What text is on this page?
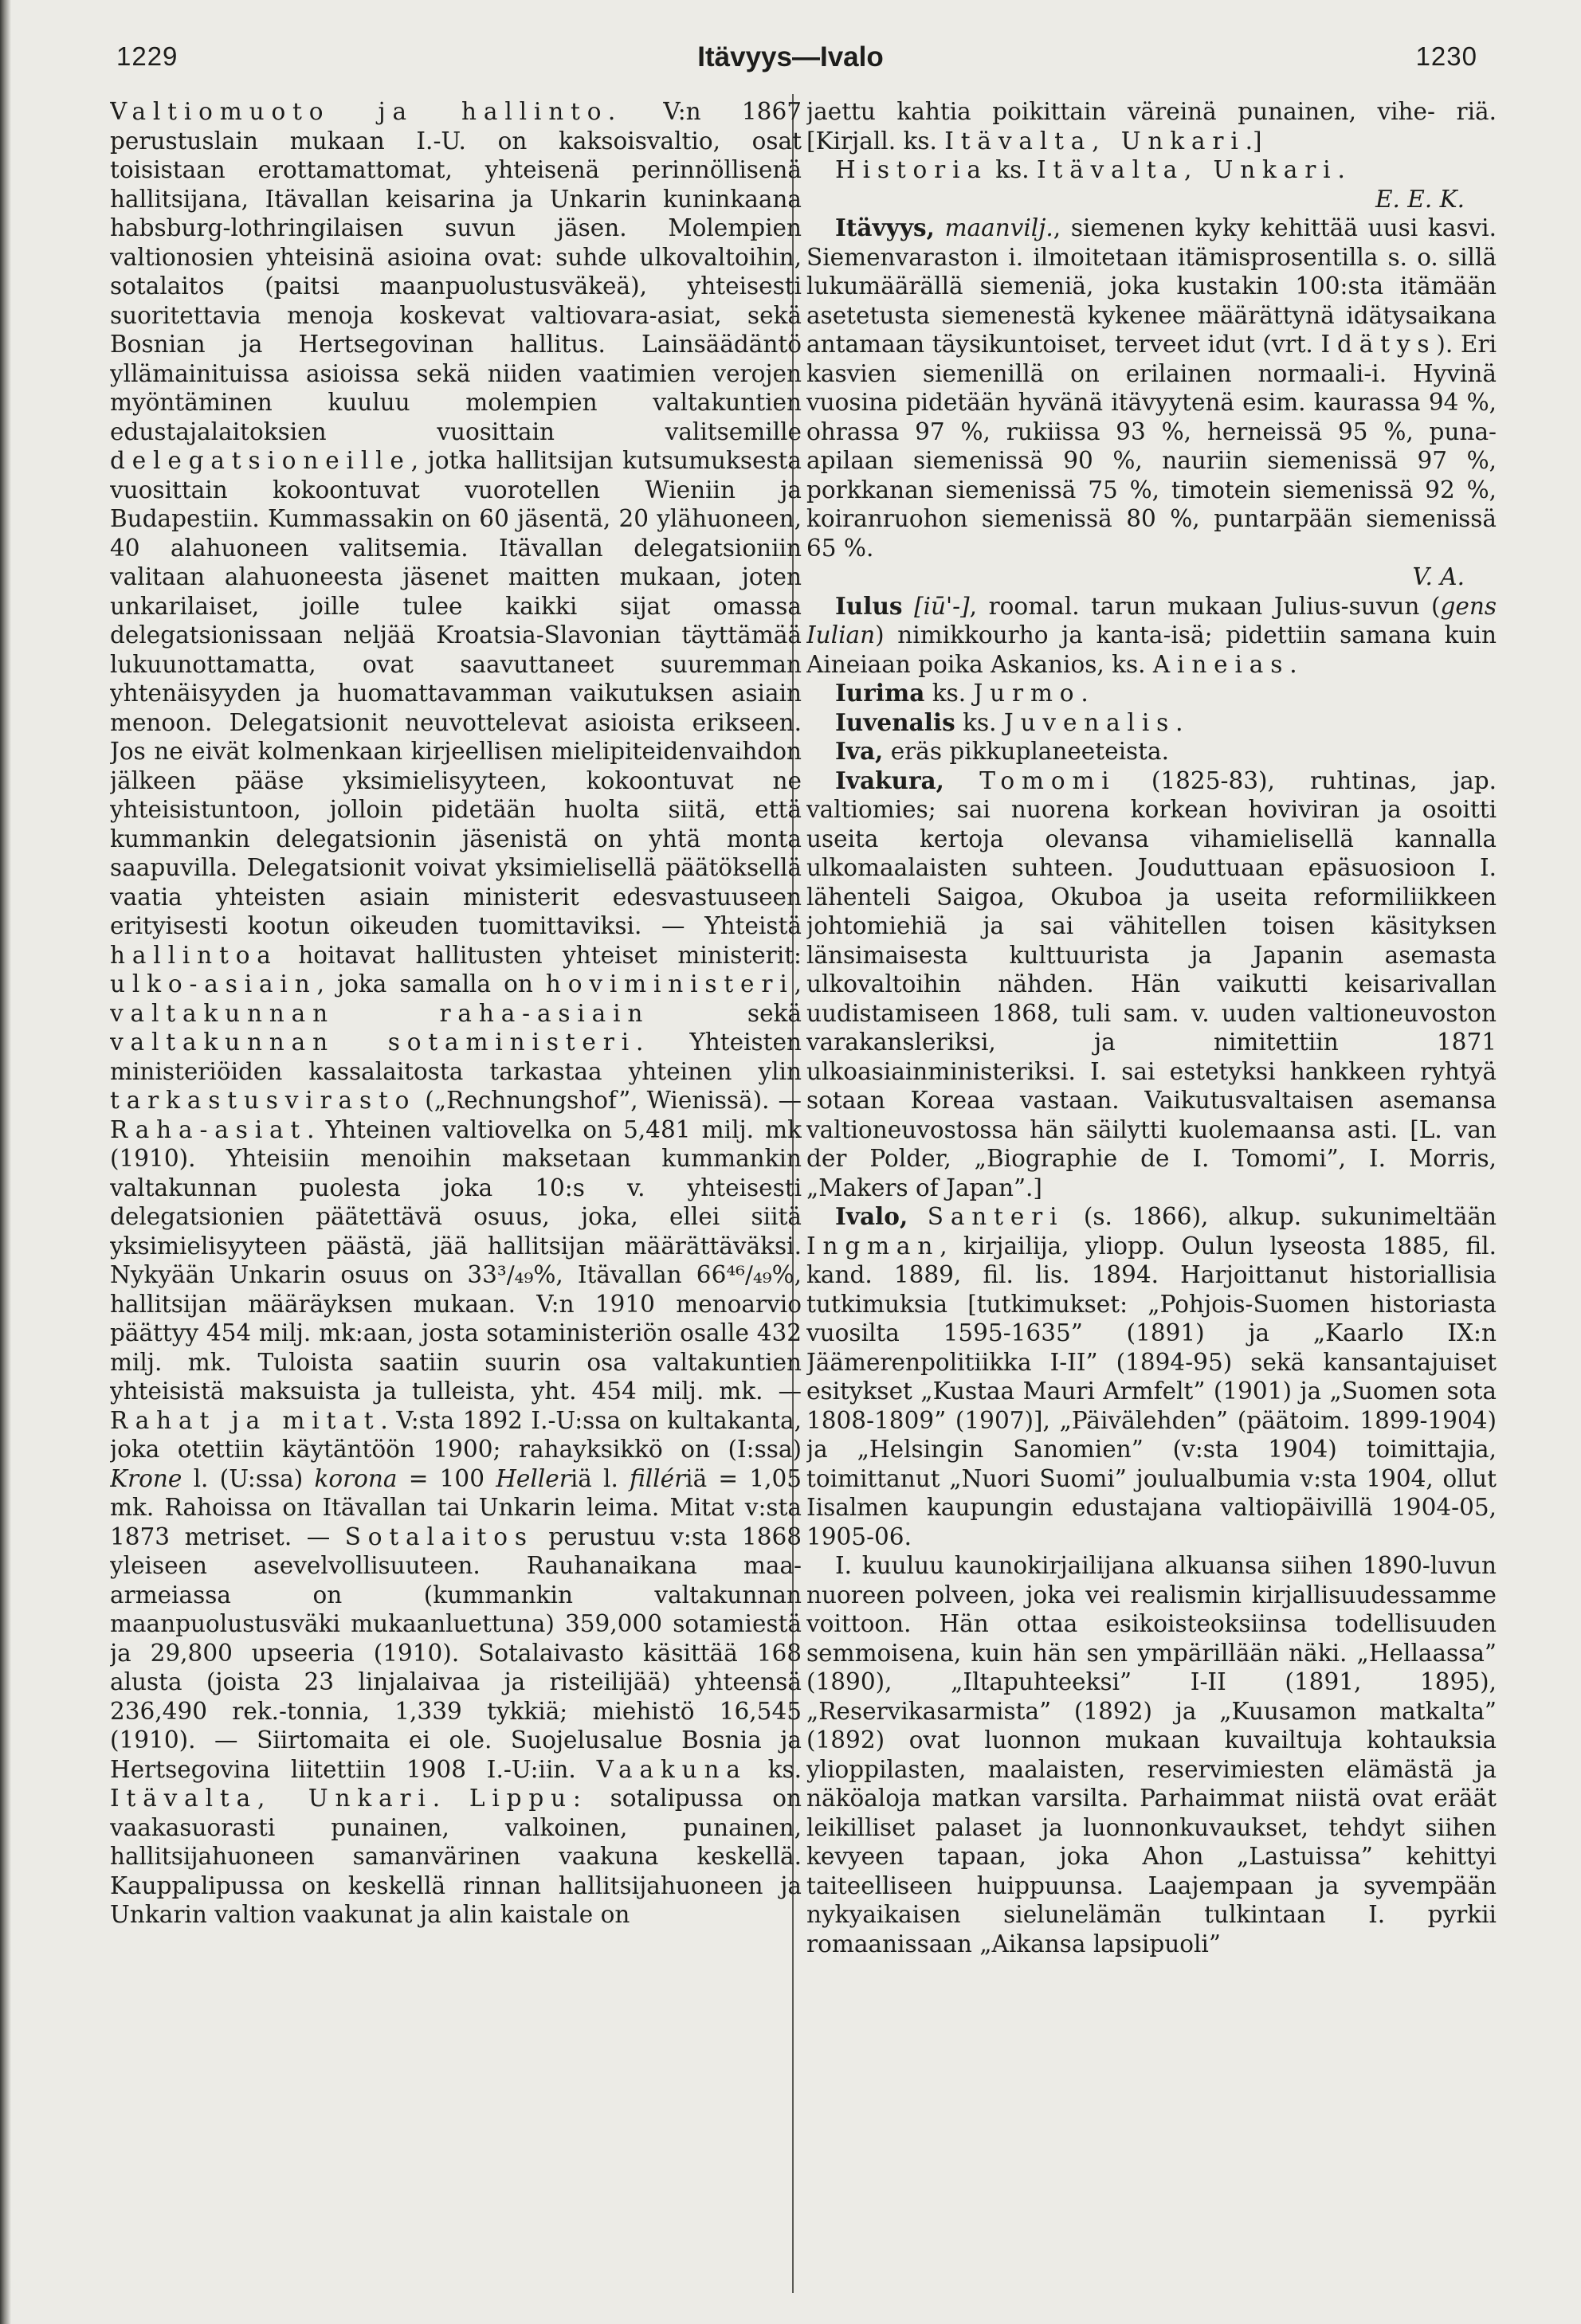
1229	Itävyys—Ivalo	1230

Valtiomuoto ja hallinto. V:n 1867 perustuslain mukaan I.-U. on kaksoisvaltio, osat toisistaan erottamattomat, yhteisenä perinnöllisenä hallitsijana, Itävallan keisarina ja Unkarin kuninkaana habsburg-lothringilaisen suvun jäsen. Molempien valtionosien yhteisinä asioina ovat: suhde ulkovaltoihin, sotalaitos (paitsi maanpuolustusväkeä), yhteisesti suoritettavia menoja koskevat valtiovara-asiat, sekä Bosnian ja Hertsegovinan hallitus. Lainsäädäntö yllämainituissa asioissa sekä niiden vaatimien verojen myöntäminen kuuluu molempien valtakuntien edustajalaitoksien vuosittain valitsemille delegatsioneille, jotka hallitsijan kutsumuksesta vuosittain kokoontuvat vuorotellen Wieniin ja Budapestiin. Kummassakin on 60 jäsentä, 20 ylähuoneen, 40 alahuoneen valitsemia. Itävallan delegatsioniin valitaan alahuoneesta jäsenet maitten mukaan, joten unkarilaiset, joille tulee kaikki sijat omassa delegatsionissaan neljää Kroatsia-Slavonian täyttämää lukuunottamatta, ovat saavuttaneet suuremman yhtenäisyyden ja huomattavamman vaikutuksen asiain menoon. Delegatsionit neuvottelevat asioista erikseen. Jos ne eivät kolmenkaan kirjeellisen mielipiteidenvaihdon jälkeen pääse yksimielisyyteen, kokoontuvat ne yhteisistuntoon, jolloin pidetään huolta siitä, että kummankin delegatsionin jäsenistä on yhtä monta saapuvilla. Delegatsionit voivat yksimielisellä päätöksellä vaatia yhteisten asiain ministerit edesvastuuseen erityisesti kootun oikeuden tuomittaviksi. — Yhteistä hallintoa hoitavat hallitusten yhteiset ministerit: ulko-asiain, joka samalla on hoviministeri, valtakunnan raha-asiain sekä valtakunnan sotaministeri. Yhteisten ministeriöiden kassalaitosta tarkastaa yhteinen ylin tarkastusvirasto („Rechnungshof”, Wienissä). — Raha-asiat. Yhteinen valtiovelka on 5,481 milj. mk (1910). Yhteisiin menoihin maksetaan kummankin valtakunnan puolesta joka 10:s v. yhteisesti delegatsionien päätettävä osuus, joka, ellei siitä yksimielisyyteen päästä, jää hallitsijan määrättäväksi. Nykyään Unkarin osuus on 33³/₄₉%, Itävallan 66⁴⁶/₄₉%, hallitsijan määräyksen mukaan. V:n 1910 menoarvio päättyy 454 milj. mk:aan, josta sotaministeriön osalle 432 milj. mk. Tuloista saatiin suurin osa valtakuntien yhteisistä maksuista ja tulleista, yht. 454 milj. mk. — Rahat ja mitat. V:sta 1892 I.-U:ssa on kultakanta, joka otettiin käytäntöön 1900; rahayksikkö on (I:ssa) Krone l. (U:ssa) korona = 100 Helleriä l. fillériä = 1,05 mk. Rahoissa on Itävallan tai Unkarin leima. Mitat v:sta 1873 metriset. — Sotalaitos perustuu v:sta 1868 yleiseen asevelvollisuuteen. Rauhanaikana maa-armeiassa on (kummankin valtakunnan maanpuolustusväki mukaanluettuna) 359,000 sotamiestä ja 29,800 upseeria (1910). Sotalaivasto käsittää 168 alusta (joista 23 linjalaivaa ja risteilijää) yhteensä 236,490 rek.-tonnia, 1,339 tykkiä; miehistö 16,545 (1910). — Siirtomaita ei ole. Suojelusalue Bosnia ja Hertsegovina liitettiin 1908 I.-U:iin. Vaakuna ks. Itävalta, Unkari. Lippu: sotalipussa on vaakasuorasti punainen, valkoinen, punainen, hallitsijahuoneen samanvärinen vaakuna keskellä. Kauppalipussa on keskellä rinnan hallitsijahuoneen ja Unkarin valtion vaakunat ja alin kaistale on

jaettu kahtia poikittain väreinä punainen, vihe- riä. [Kirjall. ks. Itävalta, Unkari.]

Historia ks. Itävalta, Unkari.

E. E. K.

Itävyys, maanvilj., siemenen kyky kehittää uusi kasvi. Siemenvaraston i. ilmoitetaan itämisprosentilla s. o. sillä lukumäärällä siemeniä, joka kustakin 100:sta itämään asetetusta siemenestä kykenee määrättynä idätysaikana antamaan täysikuntoiset, terveet idut (vrt. Idätys). Eri kasvien siemenillä on erilainen normaali-i. Hyvinä vuosina pidetään hyvänä itävyytenä esim. kaurassa 94 %, ohrassa 97 %, rukiissa 93 %, herneissä 95 %, puna-apilaan siemenissä 90 %, nauriin siemenissä 97 %, porkkanan siemenissä 75 %, timotein siemenissä 92 %, koiranruohon siemenissä 80 %, puntarpään siemenissä 65 %.

V. A.

Iulus [iū'-], roomal. tarun mukaan Julius-suvun (gens Iulian) nimikkourho ja kanta-isä; pidettiin samana kuin Aineiaan poika Askanios, ks. Aineias.

Iurima ks. Jurmo.

Iuvenalis ks. Juvenalis.

Iva, eräs pikkuplaneeteista.

Ivakura, Tomomi (1825-83), ruhtinas, jap. valtiomies; sai nuorena korkean hoviviran ja osoitti useita kertoja olevansa vihamielisellä kannalla ulkomaalaisten suhteen. Jouduttuaan epäsuosioon I. lähenteli Saigoa, Okuboa ja useita reformiliikkeen johtomiehiä ja sai vähitellen toisen käsityksen länsimaisesta kulttuurista ja Japanin asemasta ulkovaltoihin nähden. Hän vaikutti keisarivallan uudistamiseen 1868, tuli sam. v. uuden valtioneuvoston varakansleriksi, ja nimitettiin 1871 ulkoasiainministeriksi. I. sai estetyksi hankkeen ryhtyä sotaan Koreaa vastaan. Vaikutusvaltaisen asemansa valtioneuvostossa hän säilytti kuolemaansa asti. [L. van der Polder, „Biographie de I. Tomomi”, I. Morris, „Makers of Japan”.]

Ivalo, Santeri (s. 1866), alkup. sukunimeltään Ingman, kirjailija, yliopp. Oulun lyseosta 1885, fil. kand. 1889, fil. lis. 1894. Harjoittanut historiallisia tutkimuksia [tutkimukset: „Pohjois-Suomen historiasta vuosilta 1595-1635” (1891) ja „Kaarlo IX:n Jäämerenpolitiikka I-II” (1894-95) sekä kansantajuiset esitykset „Kustaa Mauri Armfelt” (1901) ja „Suomen sota 1808-1809” (1907)], „Päivälehden” (päätoim. 1899-1904) ja „Helsingin Sanomien” (v:sta 1904) toimittajia, toimittanut „Nuori Suomi” joulualbumia v:sta 1904, ollut Iisalmen kaupungin edustajana valtiopäivillä 1904-05, 1905-06.

I. kuuluu kaunokirjailijana alkuansa siihen 1890-luvun nuoreen polveen, joka vei realismin kirjallisuudessamme voittoon. Hän ottaa esikoisteoksiinsa todellisuuden semmoisena, kuin hän sen ympärillään näki. „Hellaassa” (1890), „Iltapuhteeksi” I-II (1891, 1895), „Reservikasarmista” (1892) ja „Kuusamon matkalta” (1892) ovat luonnon mukaan kuvailtuja kohtauksia ylioppilasten, maalaisten, reservimiesten elämästä ja näköaloja matkan varsilta. Parhaimmat niistä ovat eräät leikilliset palaset ja luonnonkuvaukset, tehdyt siihen kevyeen tapaan, joka Ahon „Lastuissa” kehittyi taiteelliseen huippuunsa. Laajempaan ja syvempään nykyaikaisen sielunelämän tulkintaan I. pyrkii romaanissaan „Aikansa lapsipuoli”
